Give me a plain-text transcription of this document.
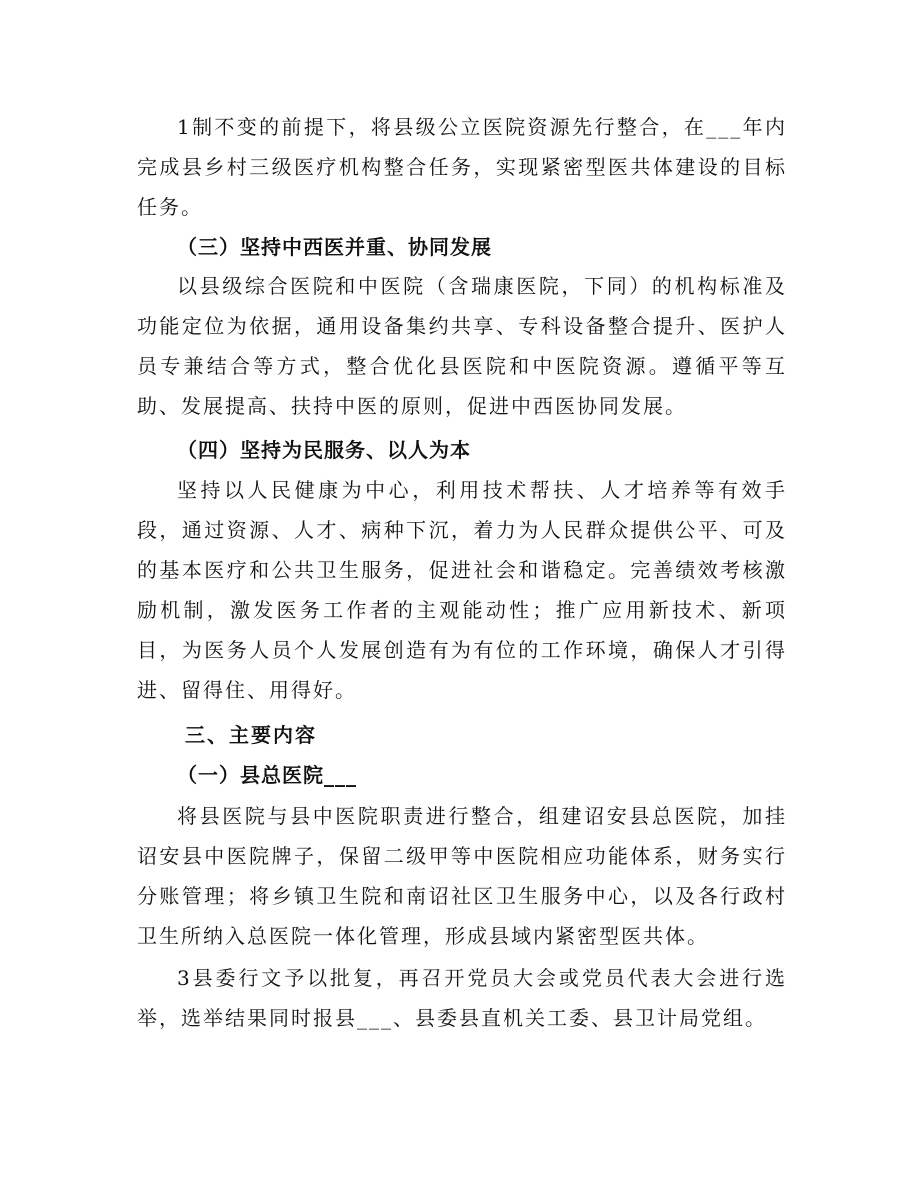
1制不变的前提下，将县级公立医院资源先行整合，在___年内完成县乡村三级医疗机构整合任务，实现紧密型医共体建设的目标任务。
（三）坚持中西医并重、协同发展
以县级综合医院和中医院（含瑞康医院，下同）的机构标准及功能定位为依据，通用设备集约共享、专科设备整合提升、医护人员专兼结合等方式，整合优化县医院和中医院资源。遵循平等互助、发展提高、扶持中医的原则，促进中西医协同发展。
（四）坚持为民服务、以人为本
坚持以人民健康为中心，利用技术帮扶、人才培养等有效手段，通过资源、人才、病种下沉，着力为人民群众提供公平、可及的基本医疗和公共卫生服务，促进社会和谐稳定。完善绩效考核激励机制，激发医务工作者的主观能动性；推广应用新技术、新项目，为医务人员个人发展创造有为有位的工作环境，确保人才引得进、留得住、用得好。
三、主要内容
（一）县总医院___
将县医院与县中医院职责进行整合，组建诏安县总医院，加挂诏安县中医院牌子，保留二级甲等中医院相应功能体系，财务实行分账管理；将乡镇卫生院和南诏社区卫生服务中心，以及各行政村卫生所纳入总医院一体化管理，形成县域内紧密型医共体。
3县委行文予以批复，再召开党员大会或党员代表大会进行选举，选举结果同时报县___、县委县直机关工委、县卫计局党组。
